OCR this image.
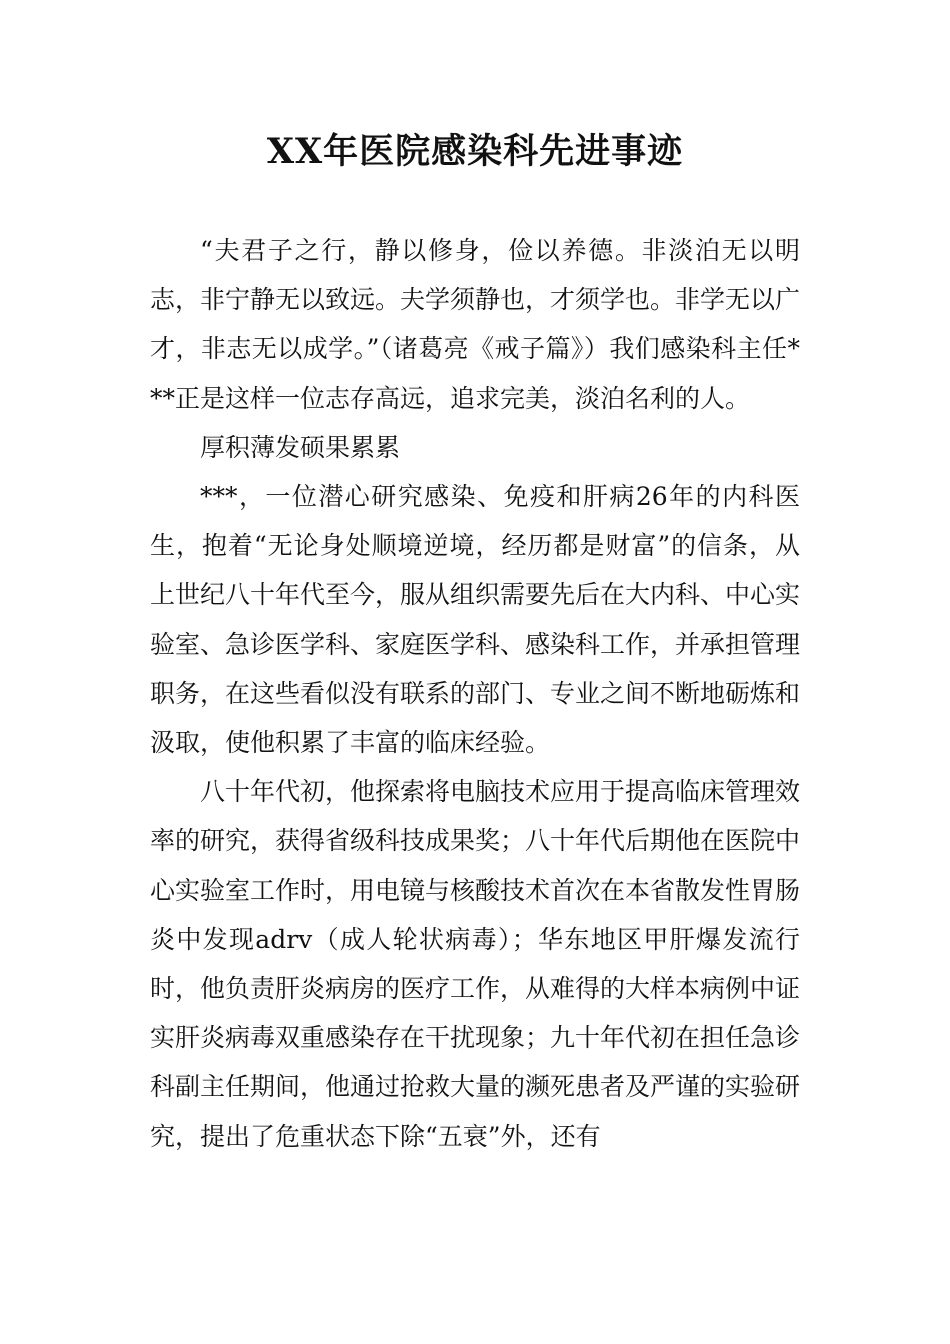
XX年医院感染科先进事迹

“夫君子之行，静以修身，俭以养德。非淡泊无以明志，非宁静无以致远。夫学须静也，才须学也。非学无以广才，非志无以成学。”（诸葛亮《戒子篇》）我们感染科主任***正是这样一位志存高远，追求完美，淡泊名利的人。

厚积薄发硕果累累

***，一位潜心研究感染、免疫和肝病26年的内科医生，抱着“无论身处顺境逆境，经历都是财富”的信条，从上世纪八十年代至今，服从组织需要先后在大内科、中心实验室、急诊医学科、家庭医学科、感染科工作，并承担管理职务，在这些看似没有联系的部门、专业之间不断地砺炼和汲取，使他积累了丰富的临床经验。

八十年代初，他探索将电脑技术应用于提高临床管理效率的研究，获得省级科技成果奖；八十年代后期他在医院中心实验室工作时，用电镜与核酸技术首次在本省散发性胃肠炎中发现adrv（成人轮状病毒）；华东地区甲肝爆发流行时，他负责肝炎病房的医疗工作，从难得的大样本病例中证实肝炎病毒双重感染存在干扰现象；九十年代初在担任急诊科副主任期间，他通过抢救大量的濒死患者及严谨的实验研究，提出了危重状态下除“五衰”外，还有
